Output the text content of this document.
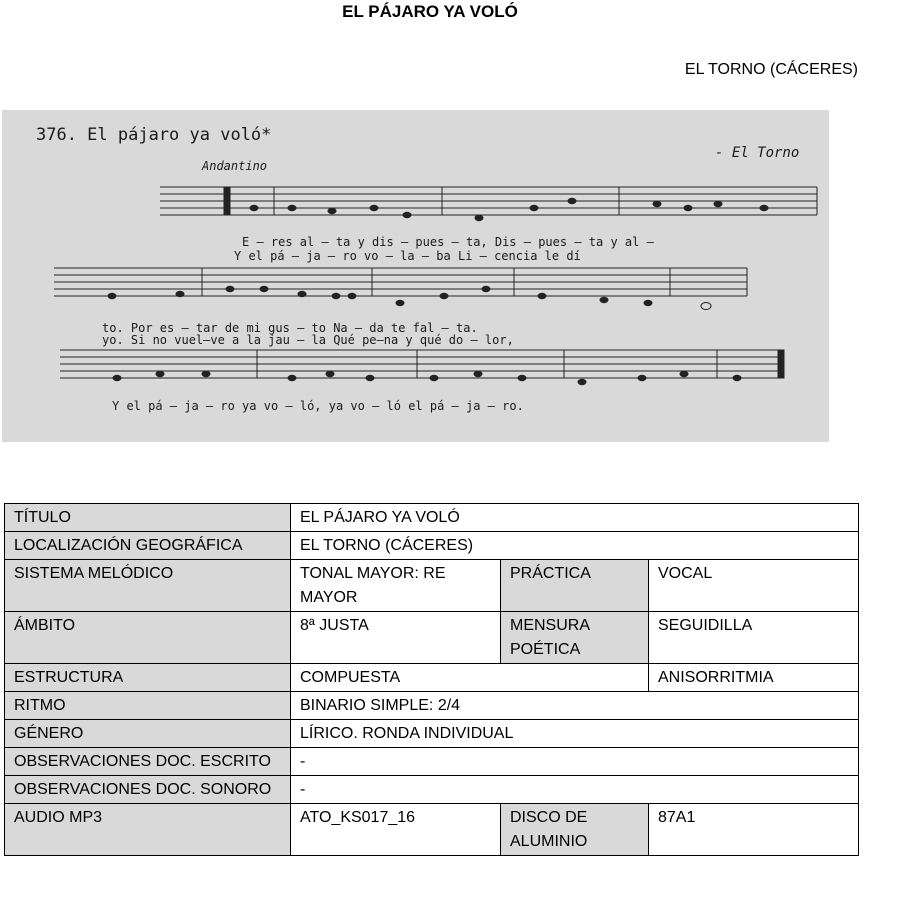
EL PÁJARO YA VOLÓ
EL TORNO (CÁCERES)
376. El pájaro ya voló*
Andantino
- El Torno
E – res al – ta y dis – pues – ta, Dis – pues – ta y al –
Y el pá – ja – ro vo – la – ba Li – cencia le dí
to. Por es – tar de mi gus – to Na – da te fal – ta.
yo. Si no vuel–ve a la jau – la Qué pe–na y qué do – lor,
Y el pá – ja – ro ya vo – ló, ya vo – ló el pá – ja – ro.
TÍTULO	EL PÁJARO YA VOLÓ		
LOCALIZACIÓN GEOGRÁFICA	EL TORNO (CÁCERES)		
SISTEMA MELÓDICO	TONAL MAYOR: RE MAYOR	PRÁCTICA	VOCAL
ÁMBITO	8ª JUSTA	MENSURA POÉTICA	SEGUIDILLA
ESTRUCTURA	COMPUESTA		ANISORRITMIA
RITMO	BINARIO SIMPLE: 2/4		
GÉNERO	LÍRICO. RONDA INDIVIDUAL		
OBSERVACIONES DOC. ESCRITO	-		
OBSERVACIONES DOC. SONORO	-		
AUDIO MP3	ATO_KS017_16	DISCO DE ALUMINIO	87A1
